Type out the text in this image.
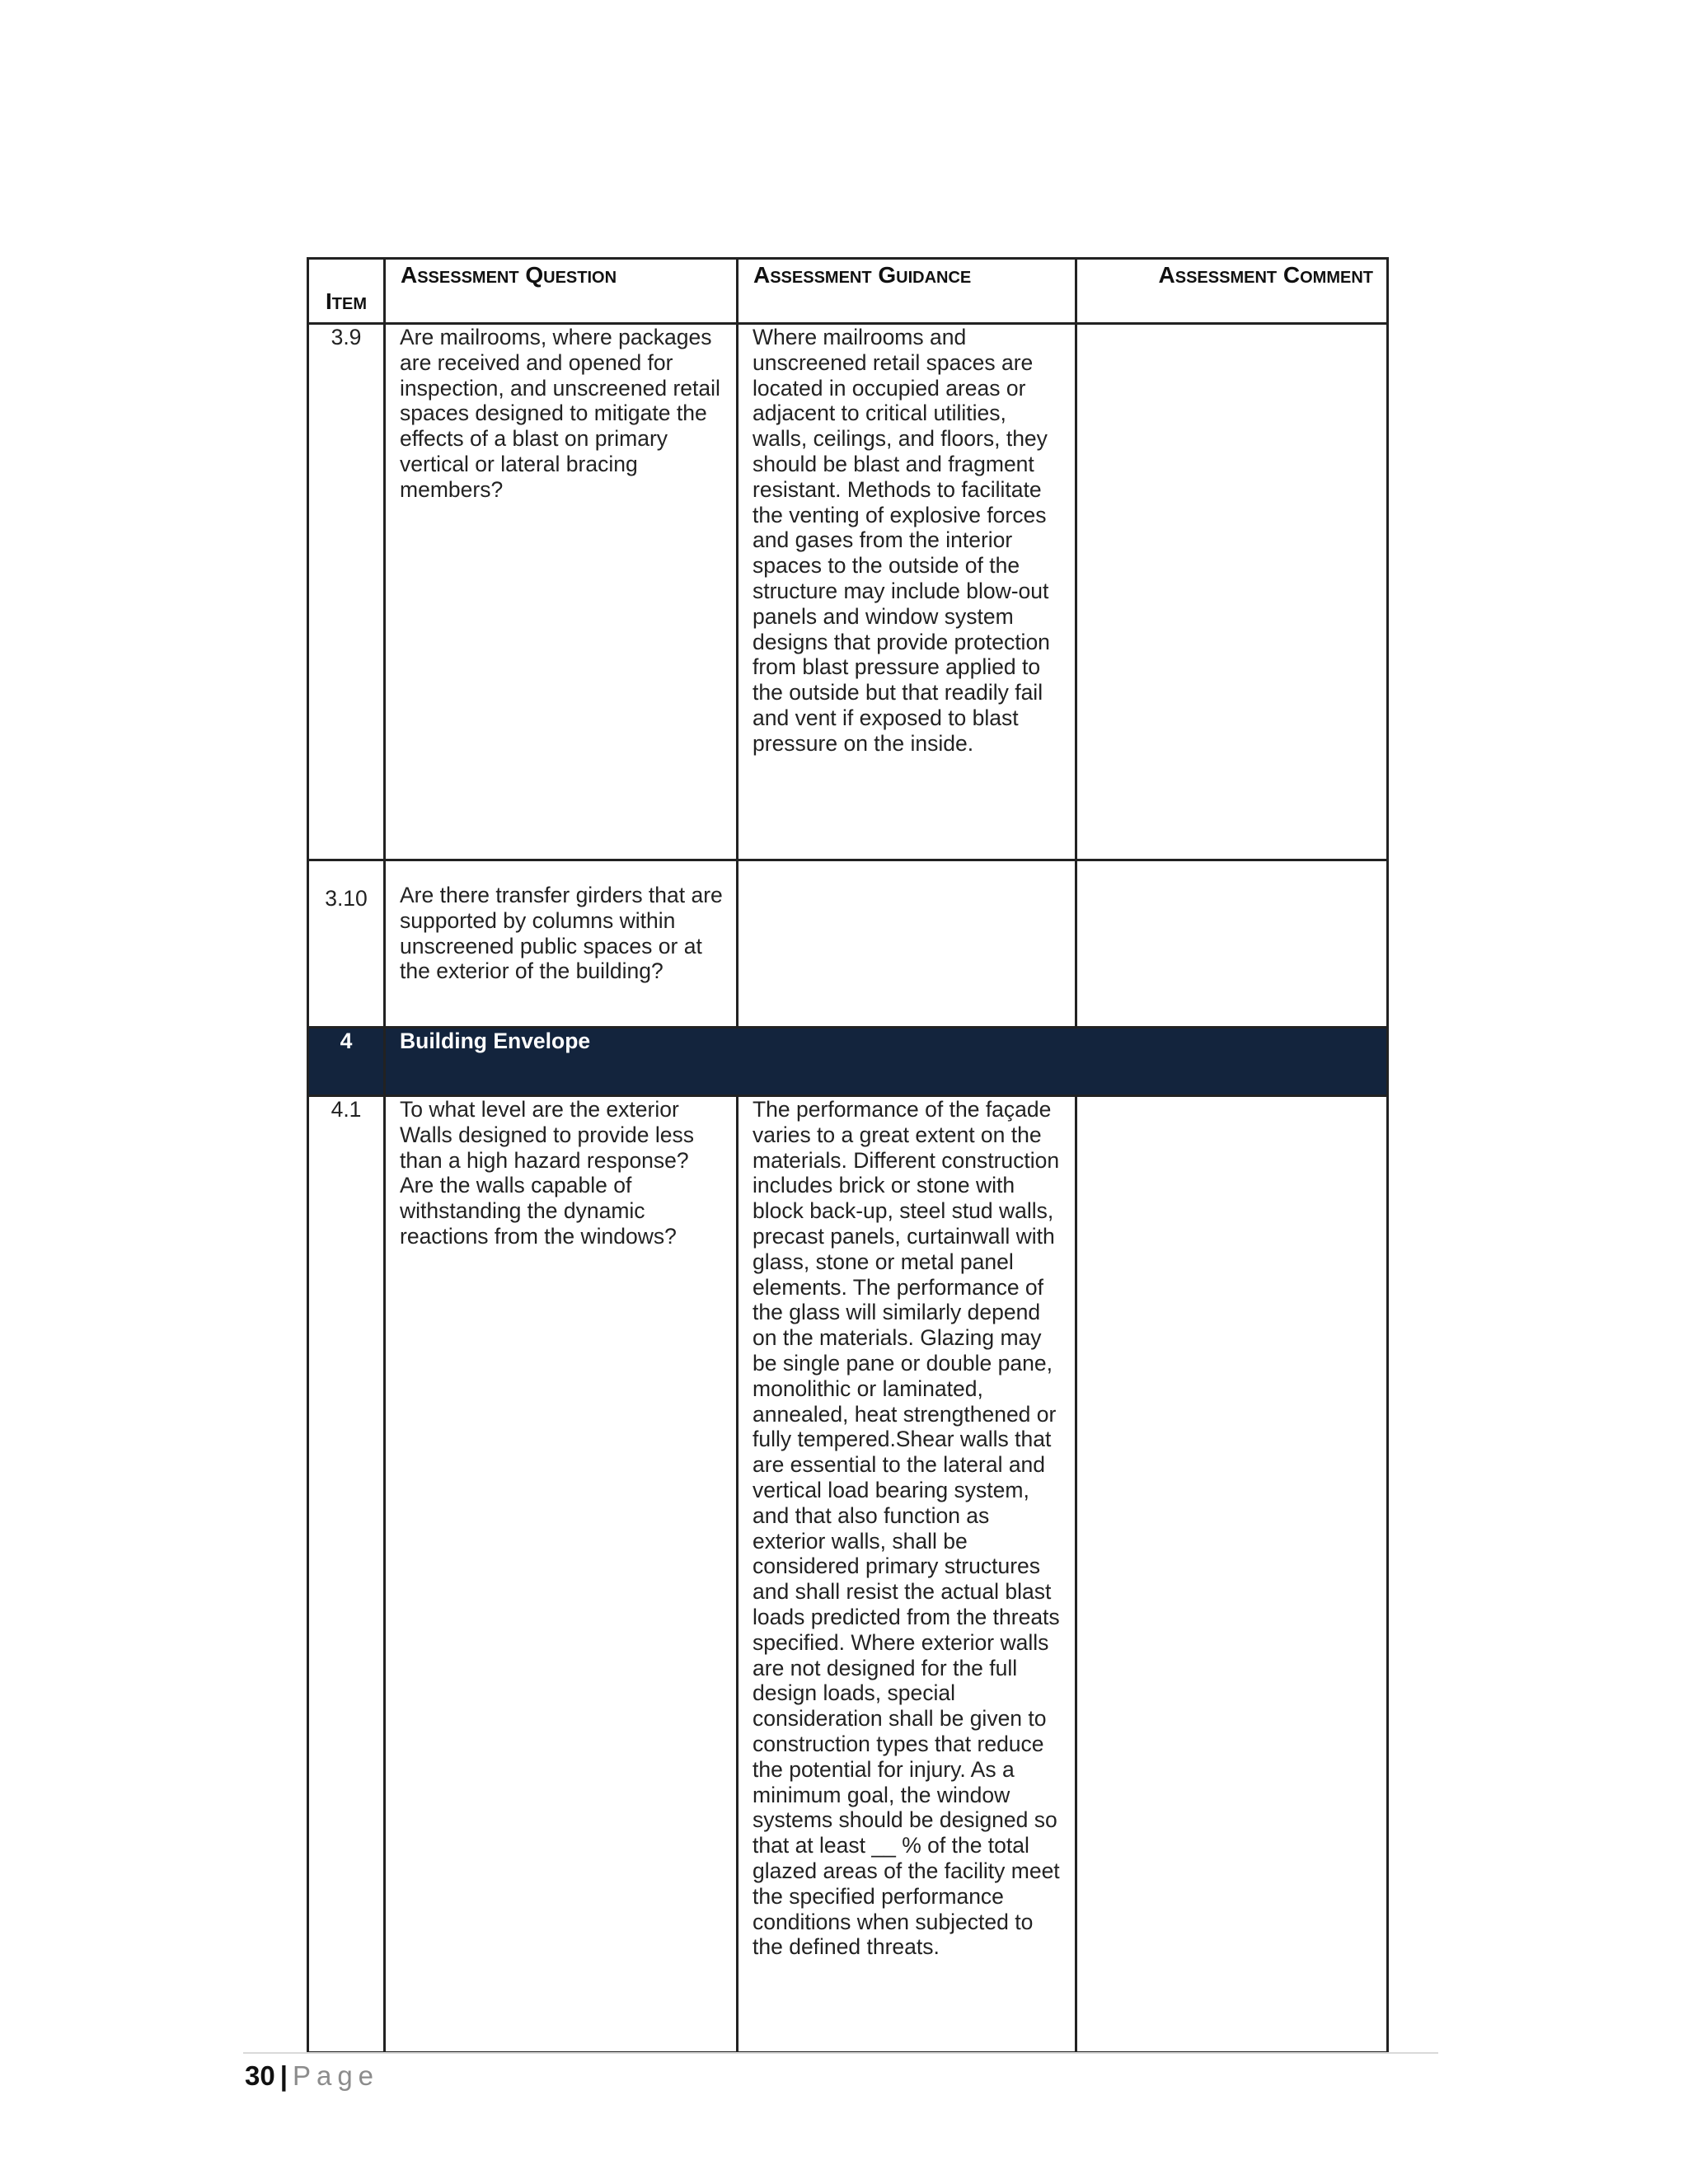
Item	Assessment Question	Assessment Guidance	Assessment Comment

3.9	Are mailrooms, where packages are received and opened for inspection, and unscreened retail spaces designed to mitigate the effects of a blast on primary vertical or lateral bracing members?	Where mailrooms and unscreened retail spaces are located in occupied areas or adjacent to critical utilities, walls, ceilings, and floors, they should be blast and fragment resistant. Methods to facilitate the venting of explosive forces and gases from the interior spaces to the outside of the structure may include blow-out panels and window system designs that provide protection from blast pressure applied to the outside but that readily fail and vent if exposed to blast pressure on the inside.	
3.10	Are there transfer girders that are supported by columns within unscreened public spaces or at the exterior of the building?		
4	Building Envelope		
4.1	To what level are the exterior Walls designed to provide less than a high hazard response? Are the walls capable of withstanding the dynamic reactions from the windows?	The performance of the façade varies to a great extent on the materials. Different construction includes brick or stone with block back-up, steel stud walls, precast panels, curtainwall with glass, stone or metal panel elements. The performance of the glass will similarly depend on the materials. Glazing may be single pane or double pane, monolithic or laminated, annealed, heat strengthened or fully tempered.Shear walls that are essential to the lateral and vertical load bearing system, and that also function as exterior walls, shall be considered primary structures and shall resist the actual blast loads predicted from the threats specified. Where exterior walls are not designed for the full design loads, special consideration shall be given to construction types that reduce the potential for injury. As a minimum goal, the window systems should be designed so that at least __ % of the total glazed areas of the facility meet the specified performance conditions when subjected to the defined threats.	
30 | Page
